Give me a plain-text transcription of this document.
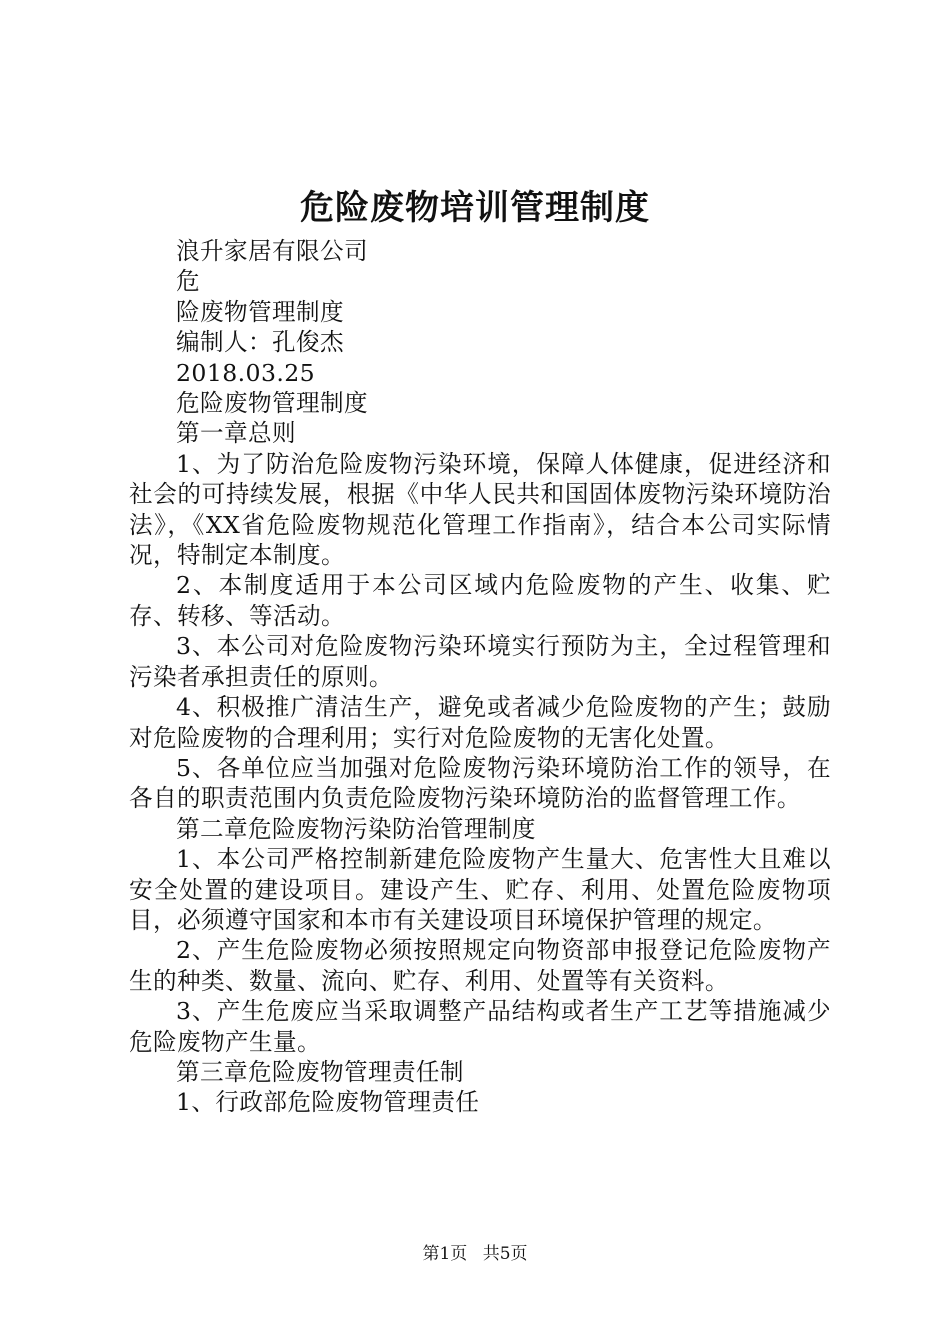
危险废物培训管理制度

浪升家居有限公司

危

险废物管理制度

编制人：孔俊杰

2018.03.25

危险废物管理制度

第一章总则

1、为了防治危险废物污染环境，保障人体健康，促进经济和社会的可持续发展，根据《中华人民共和国固体废物污染环境防治法》，《XX省危险废物规范化管理工作指南》，结合本公司实际情况，特制定本制度。

2、本制度适用于本公司区域内危险废物的产生、收集、贮存、转移、等活动。

3、本公司对危险废物污染环境实行预防为主，全过程管理和污染者承担责任的原则。

4、积极推广清洁生产，避免或者减少危险废物的产生；鼓励对危险废物的合理利用；实行对危险废物的无害化处置。

5、各单位应当加强对危险废物污染环境防治工作的领导，在各自的职责范围内负责危险废物污染环境防治的监督管理工作。

第二章危险废物污染防治管理制度

1、本公司严格控制新建危险废物产生量大、危害性大且难以安全处置的建设项目。建设产生、贮存、利用、处置危险废物项目，必须遵守国家和本市有关建设项目环境保护管理的规定。

2、产生危险废物必须按照规定向物资部申报登记危险废物产生的种类、数量、流向、贮存、利用、处置等有关资料。

3、产生危废应当采取调整产品结构或者生产工艺等措施减少危险废物产生量。

第三章危险废物管理责任制

1、行政部危险废物管理责任

第1页 共5页
